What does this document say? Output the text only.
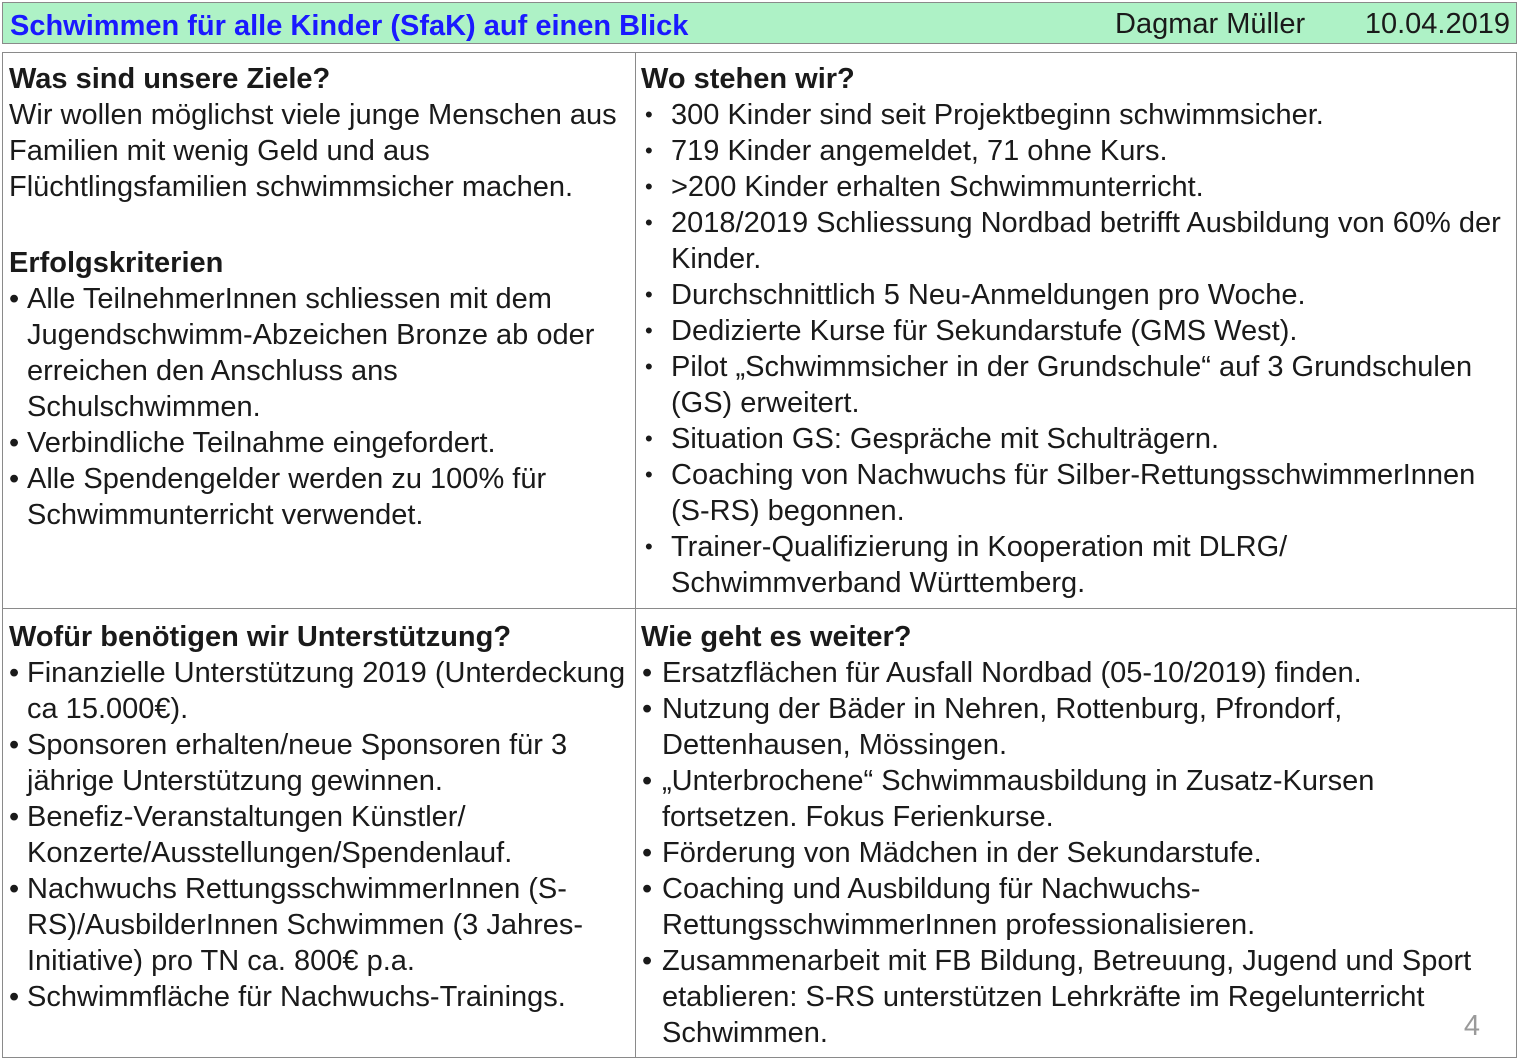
Schwimmen für alle Kinder (SfaK) auf einen Blick	Dagmar Müller 10.04.2019
Was sind unsere Ziele?
Wir wollen möglichst viele junge Menschen aus Familien mit wenig Geld und aus Flüchtlingsfamilien schwimmsicher machen.
Erfolgskriterien
• Alle TeilnehmerInnen schliessen mit dem Jugendschwimm-Abzeichen Bronze ab oder erreichen den Anschluss ans Schulschwimmen.
• Verbindliche Teilnahme eingefordert.
• Alle Spendengelder werden zu 100% für Schwimmunterricht verwendet.
Wo stehen wir?
• 300 Kinder sind seit Projektbeginn schwimmsicher.
• 719 Kinder angemeldet, 71 ohne Kurs.
• >200 Kinder erhalten Schwimmunterricht.
• 2018/2019 Schliessung Nordbad betrifft Ausbildung von 60% der Kinder.
• Durchschnittlich 5 Neu-Anmeldungen pro Woche.
• Dedizierte Kurse für Sekundarstufe (GMS West).
• Pilot „Schwimmsicher in der Grundschule“ auf 3 Grundschulen (GS) erweitert.
• Situation GS: Gespräche mit Schulträgern.
• Coaching von Nachwuchs für Silber-RettungsschwimmerInnen (S-RS) begonnen.
• Trainer-Qualifizierung in Kooperation mit DLRG/ Schwimmverband Württemberg.
Wofür benötigen wir Unterstützung?
• Finanzielle Unterstützung 2019 (Unterdeckung ca 15.000€).
• Sponsoren erhalten/neue Sponsoren für 3 jährige Unterstützung gewinnen.
• Benefiz-Veranstaltungen Künstler/ Konzerte/Ausstellungen/Spendenlauf.
• Nachwuchs RettungsschwimmerInnen (S-RS)/AusbilderInnen Schwimmen (3 Jahres-Initiative) pro TN ca. 800€ p.a.
• Schwimmfläche für Nachwuchs-Trainings.
Wie geht es weiter?
• Ersatzflächen für Ausfall Nordbad (05-10/2019) finden.
• Nutzung der Bäder in Nehren, Rottenburg, Pfrondorf, Dettenhausen, Mössingen.
• „Unterbrochene“ Schwimmausbildung in Zusatz-Kursen fortsetzen. Fokus Ferienkurse.
• Förderung von Mädchen in der Sekundarstufe.
• Coaching und Ausbildung für Nachwuchs-RettungsschwimmerInnen professionalisieren.
• Zusammenarbeit mit FB Bildung, Betreuung, Jugend und Sport etablieren: S-RS unterstützen Lehrkräfte im Regelunterricht Schwimmen.	4
